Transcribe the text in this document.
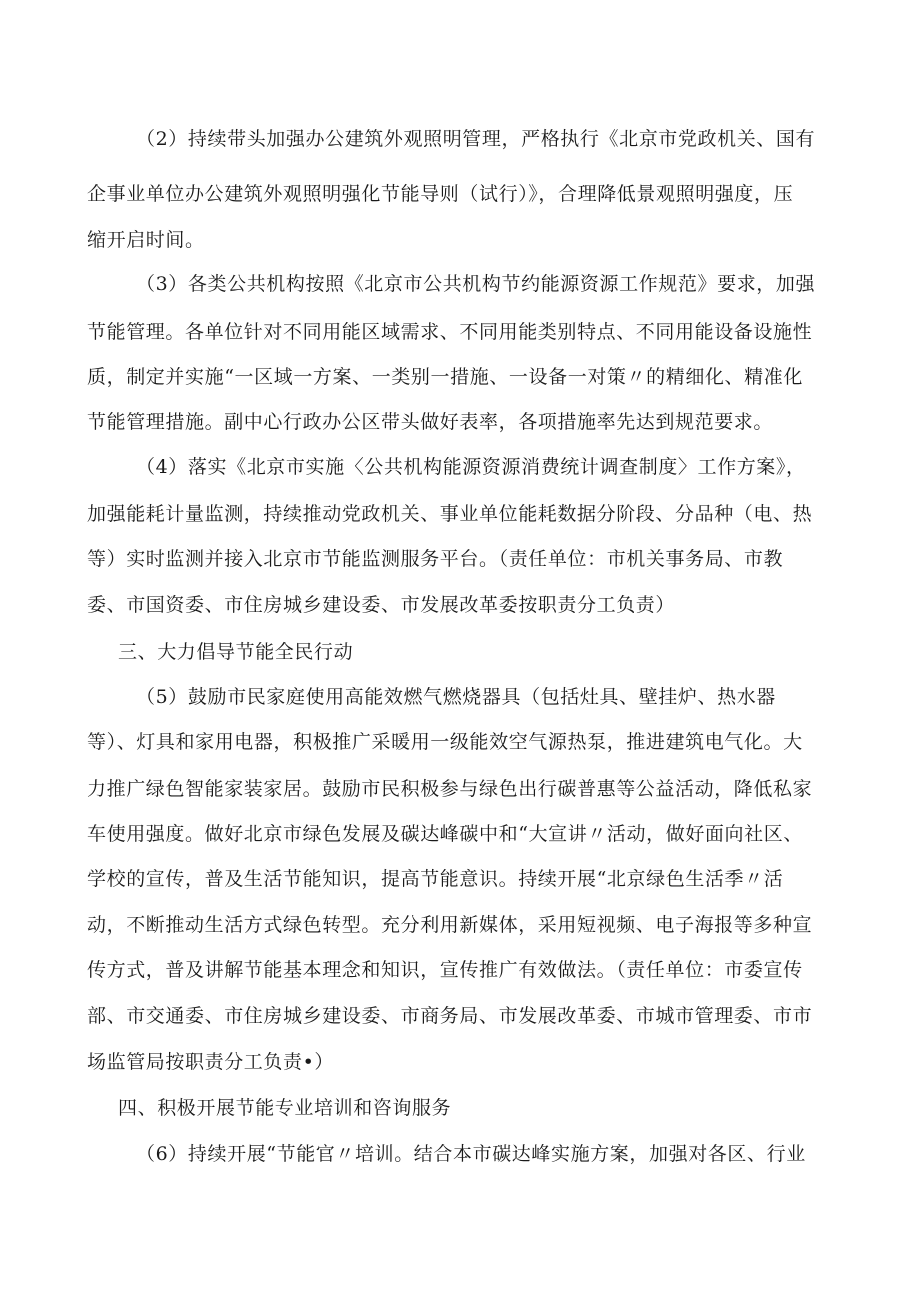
（2）持续带头加强办公建筑外观照明管理，严格执行《北京市党政机关、国有
企事业单位办公建筑外观照明强化节能导则（试行）》，合理降低景观照明强度，压
缩开启时间。
（3）各类公共机构按照《北京市公共机构节约能源资源工作规范》要求，加强
节能管理。各单位针对不同用能区域需求、不同用能类别特点、不同用能设备设施性
质，制定并实施“一区域一方案、一类别一措施、一设备一对策〃的精细化、精准化
节能管理措施。副中心行政办公区带头做好表率，各项措施率先达到规范要求。
（4）落实《北京市实施〈公共机构能源资源消费统计调查制度〉工作方案》，
加强能耗计量监测，持续推动党政机关、事业单位能耗数据分阶段、分品种（电、热
等）实时监测并接入北京市节能监测服务平台。（责任单位：市机关事务局、市教
委、市国资委、市住房城乡建设委、市发展改革委按职责分工负责）
三、大力倡导节能全民行动
（5）鼓励市民家庭使用高能效燃气燃烧器具（包括灶具、壁挂炉、热水器
等）、灯具和家用电器，积极推广采暖用一级能效空气源热泵，推进建筑电气化。大
力推广绿色智能家装家居。鼓励市民积极参与绿色出行碳普惠等公益活动，降低私家
车使用强度。做好北京市绿色发展及碳达峰碳中和“大宣讲〃活动，做好面向社区、
学校的宣传，普及生活节能知识，提高节能意识。持续开展“北京绿色生活季〃活
动，不断推动生活方式绿色转型。充分利用新媒体，采用短视频、电子海报等多种宣
传方式，普及讲解节能基本理念和知识，宣传推广有效做法。（责任单位：市委宣传
部、市交通委、市住房城乡建设委、市商务局、市发展改革委、市城市管理委、市市
场监管局按职责分工负责•）
四、积极开展节能专业培训和咨询服务
（6）持续开展“节能官〃培训。结合本市碳达峰实施方案，加强对各区、行业
